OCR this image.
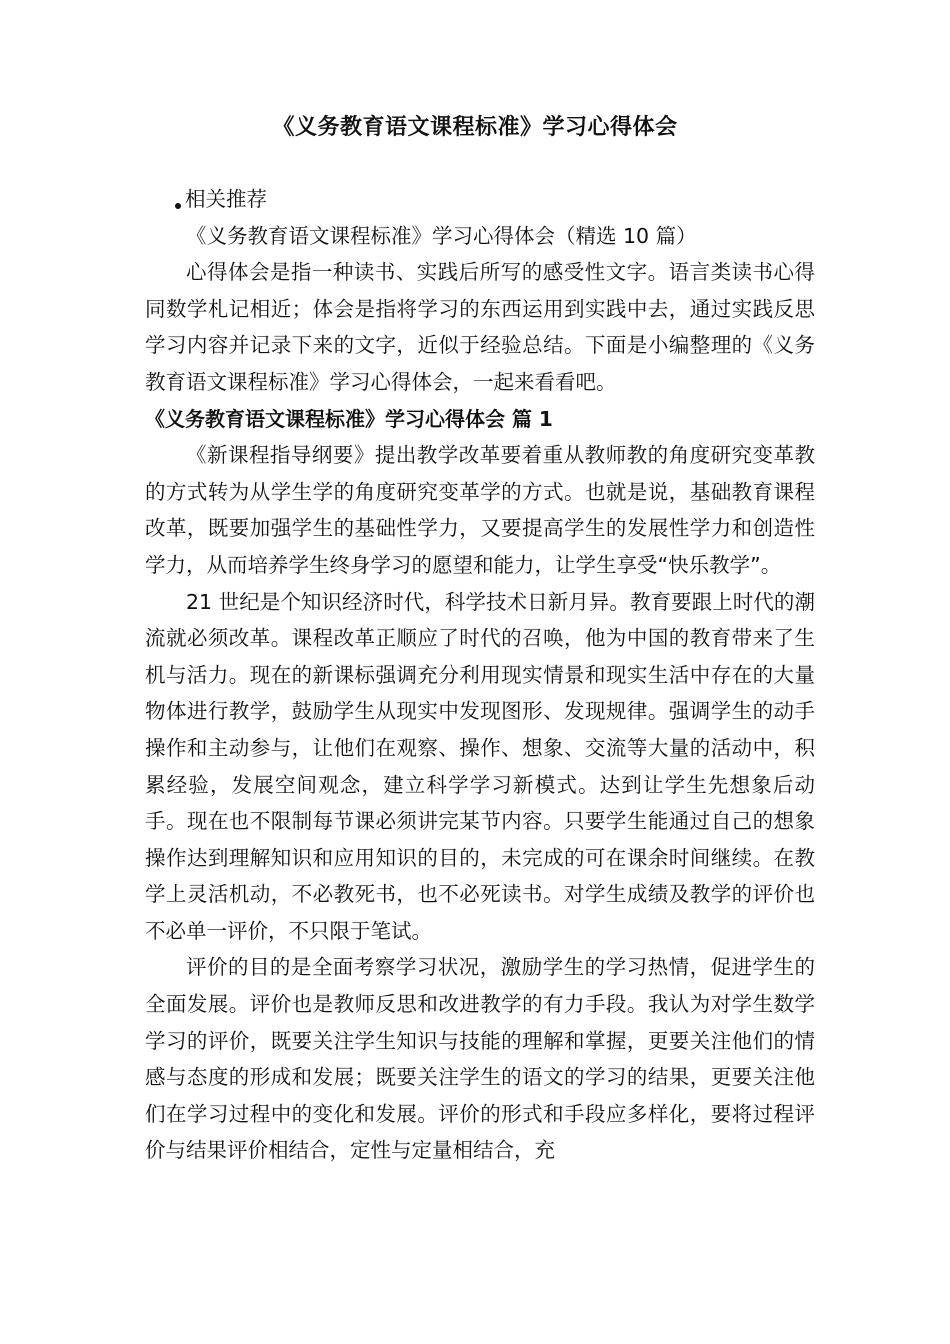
《义务教育语文课程标准》学习心得体会

相关推荐

《义务教育语文课程标准》学习心得体会（精选 10 篇）

心得体会是指一种读书、实践后所写的感受性文字。语言类读书心得同数学札记相近；体会是指将学习的东西运用到实践中去，通过实践反思学习内容并记录下来的文字，近似于经验总结。下面是小编整理的《义务教育语文课程标准》学习心得体会，一起来看看吧。

《义务教育语文课程标准》学习心得体会 篇 1

《新课程指导纲要》提出教学改革要着重从教师教的角度研究变革教的方式转为从学生学的角度研究变革学的方式。也就是说，基础教育课程改革，既要加强学生的基础性学力，又要提高学生的发展性学力和创造性学力，从而培养学生终身学习的愿望和能力，让学生享受“快乐教学”。

21 世纪是个知识经济时代，科学技术日新月异。教育要跟上时代的潮流就必须改革。课程改革正顺应了时代的召唤，他为中国的教育带来了生机与活力。现在的新课标强调充分利用现实情景和现实生活中存在的大量物体进行教学，鼓励学生从现实中发现图形、发现规律。强调学生的动手操作和主动参与，让他们在观察、操作、想象、交流等大量的活动中，积累经验，发展空间观念，建立科学学习新模式。达到让学生先想象后动手。现在也不限制每节课必须讲完某节内容。只要学生能通过自己的想象操作达到理解知识和应用知识的目的，未完成的可在课余时间继续。在教学上灵活机动，不必教死书，也不必死读书。对学生成绩及教学的评价也不必单一评价，不只限于笔试。

评价的目的是全面考察学习状况，激励学生的学习热情，促进学生的全面发展。评价也是教师反思和改进教学的有力手段。我认为对学生数学学习的评价，既要关注学生知识与技能的理解和掌握，更要关注他们的情感与态度的形成和发展；既要关注学生的语文的学习的结果，更要关注他们在学习过程中的变化和发展。评价的形式和手段应多样化，要将过程评价与结果评价相结合，定性与定量相结合，充
